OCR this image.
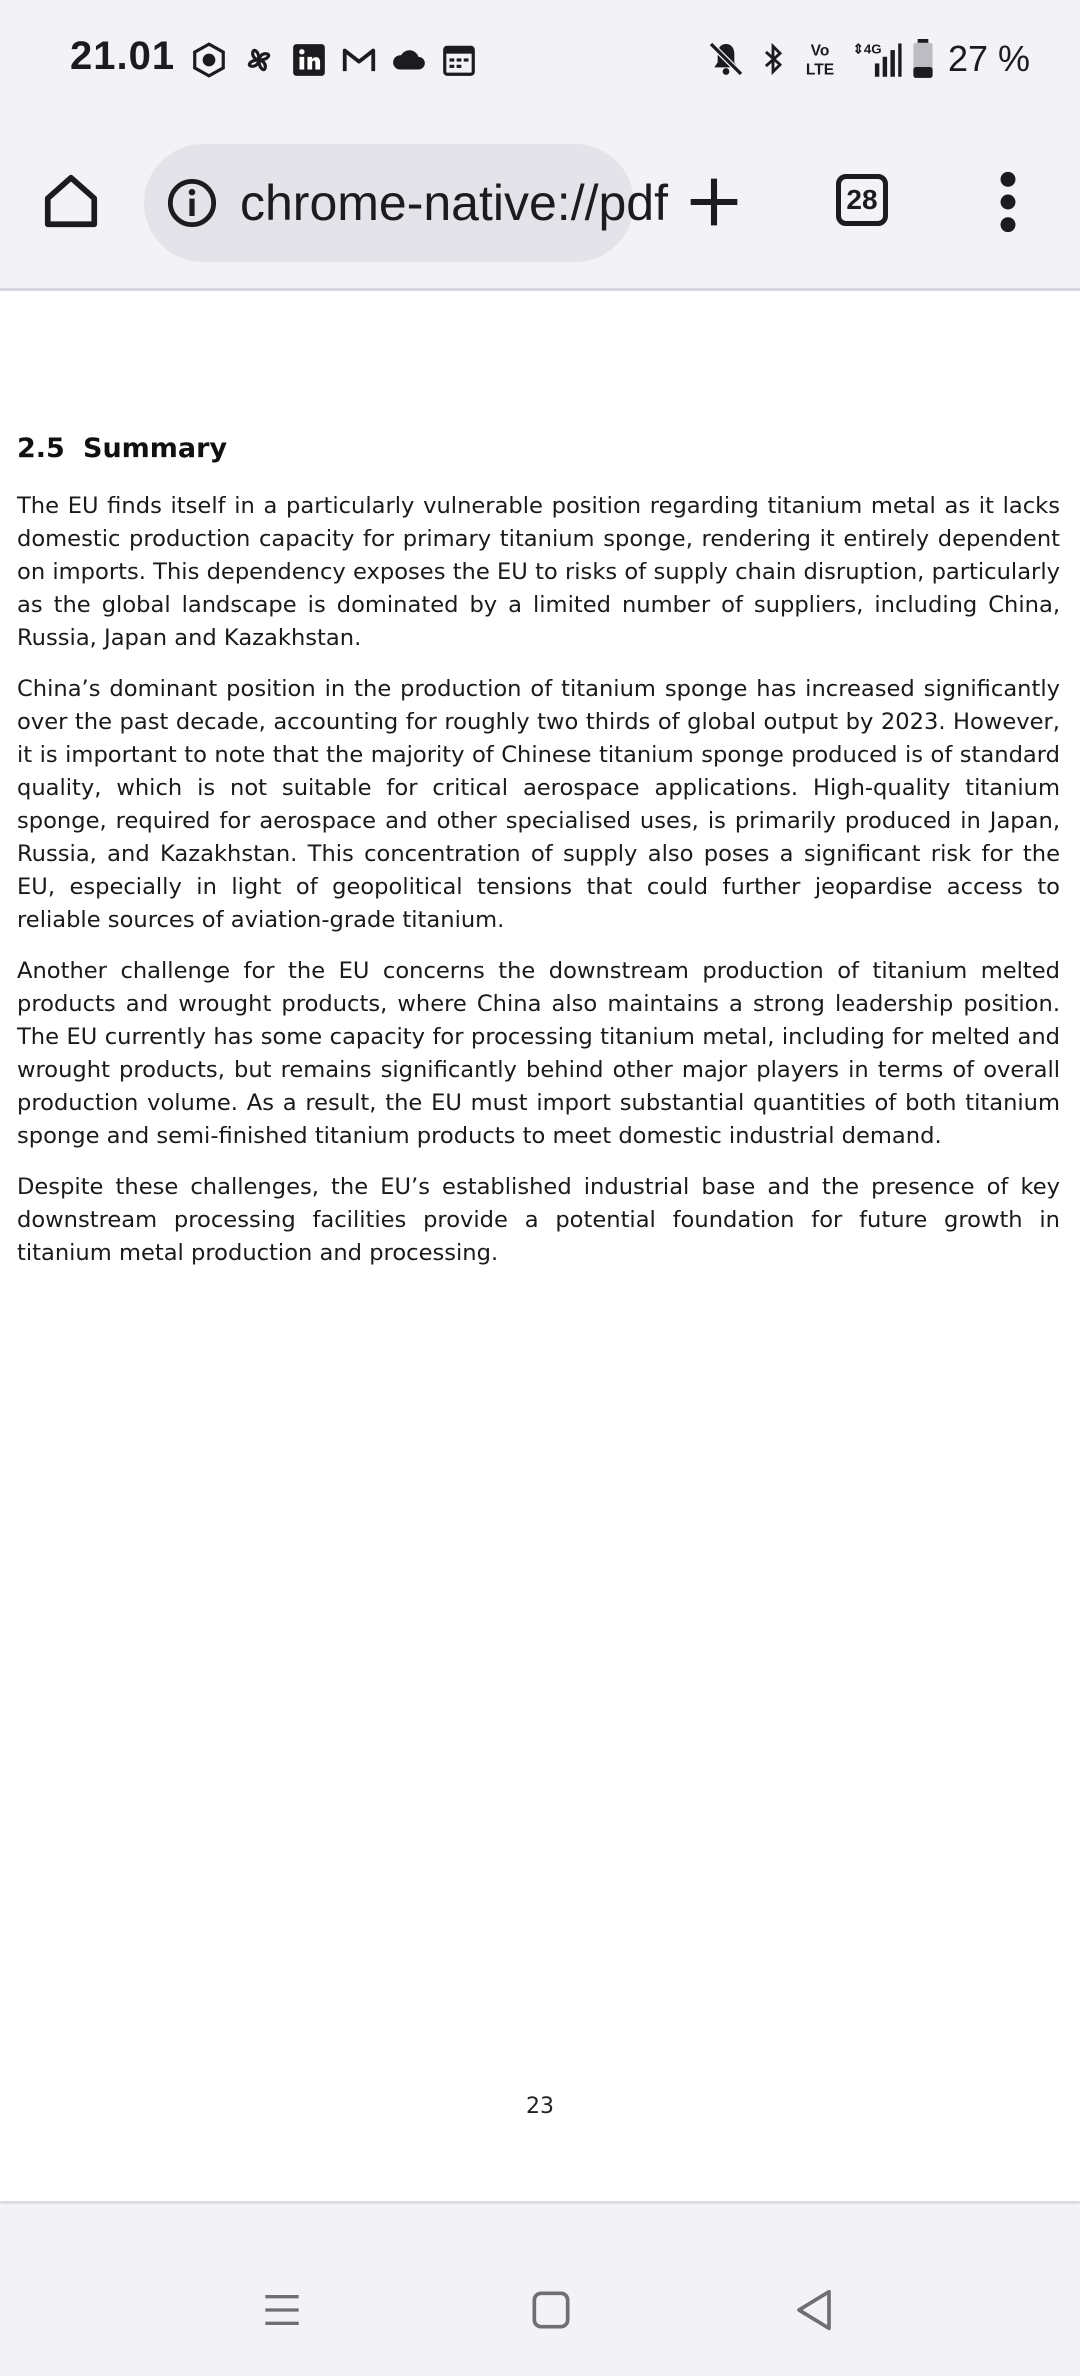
21.01	Vo
LTE
⇕4G 27 %
chrome-native://pdf	28
2.5 Summary

The EU finds itself in a particularly vulnerable position regarding titanium metal as it lacks domestic production capacity for primary titanium sponge, rendering it entirely dependent on imports. This dependency exposes the EU to risks of supply chain disruption, particularly as the global landscape is dominated by a limited number of suppliers, including China, Russia, Japan and Kazakhstan.

China’s dominant position in the production of titanium sponge has increased significantly over the past decade, accounting for roughly two thirds of global output by 2023. However, it is important to note that the majority of Chinese titanium sponge produced is of standard quality, which is not suitable for critical aerospace applications. High-quality titanium sponge, required for aerospace and other specialised uses, is primarily produced in Japan, Russia, and Kazakhstan. This concentration of supply also poses a significant risk for the EU, especially in light of geopolitical tensions that could further jeopardise access to reliable sources of aviation-grade titanium.

Another challenge for the EU concerns the downstream production of titanium melted products and wrought products, where China also maintains a strong leadership position. The EU currently has some capacity for processing titanium metal, including for melted and wrought products, but remains significantly behind other major players in terms of overall production volume. As a result, the EU must import substantial quantities of both titanium sponge and semi-finished titanium products to meet domestic industrial demand.

Despite these challenges, the EU’s established industrial base and the presence of key downstream processing facilities provide a potential foundation for future growth in titanium metal production and processing.

23
